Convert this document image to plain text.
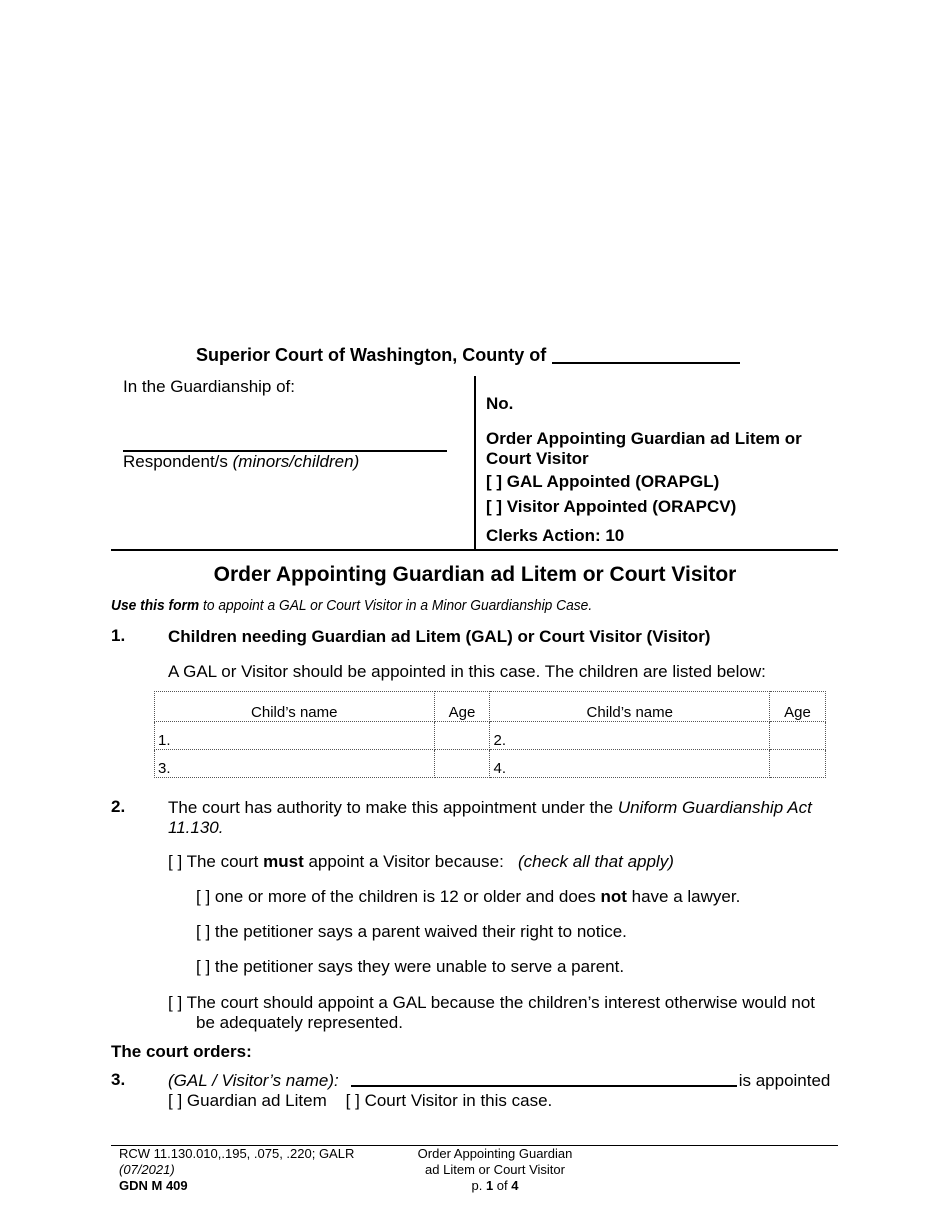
Superior Court of Washington, County of
In the Guardianship of:
Respondent/s (minors/children)
No.
Order Appointing Guardian ad Litem or Court Visitor
[ ] GAL Appointed (ORAPGL)
[ ] Visitor Appointed (ORAPCV)
Clerks Action: 10
Order Appointing Guardian ad Litem or Court Visitor
Use this form to appoint a GAL or Court Visitor in a Minor Guardianship Case.
1.	Children needing Guardian ad Litem (GAL) or Court Visitor (Visitor)
A GAL or Visitor should be appointed in this case. The children are listed below:
Child’s name	Age	Child’s name	Age
1.		2.	
3.		4.	
2.	The court has authority to make this appointment under the Uniform Guardianship Act 11.130.
[ ] The court must appoint a Visitor because: (check all that apply)
[ ] one or more of the children is 12 or older and does not have a lawyer.
[ ] the petitioner says a parent waived their right to notice.
[ ] the petitioner says they were unable to serve a parent.
[ ] The court should appoint a GAL because the children’s interest otherwise would not
be adequately represented.
The court orders:
3.	(GAL / Visitor’s name):	is appointed
[ ] Guardian ad Litem [ ] Court Visitor in this case.
RCW 11.130.010,.195, .075, .220; GALR
(07/2021)
GDN M 409
Order Appointing Guardian
ad Litem or Court Visitor
p. 1 of 4
